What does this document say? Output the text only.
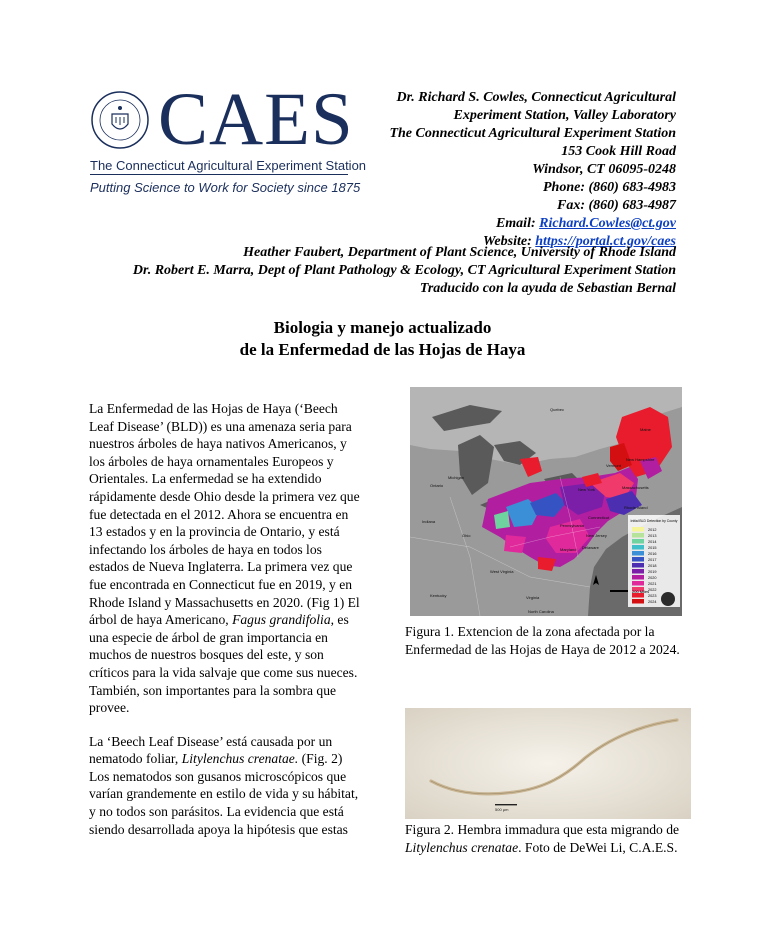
CAES
The Connecticut Agricultural Experiment Station
Putting Science to Work for Society since 1875
Dr. Richard S. Cowles, Connecticut Agricultural
Experiment Station, Valley Laboratory
The Connecticut Agricultural Experiment Station
153 Cook Hill Road
Windsor, CT 06095-0248
Phone: (860) 683-4983
Fax: (860) 683-4987
Email: Richard.Cowles@ct.gov
Website: https://portal.ct.gov/caes
Heather Faubert, Department of Plant Science, University of Rhode Island
Dr. Robert E. Marra, Dept of Plant Pathology & Ecology, CT Agricultural Experiment Station
Traducido con la ayuda de Sebastian Bernal
Biologia y manejo actualizado
de la Enfermedad de las Hojas de Haya

La Enfermedad de las Hojas de Haya (‘Beech Leaf Disease’ (BLD)) es una amenaza seria para nuestros árboles de haya nativos Americanos, y los árboles de haya ornamentales Europeos y Orientales. La enfermedad se ha extendido rápidamente desde Ohio desde la primera vez que fue detectada en el 2012. Ahora se encuentra en 13 estados y en la provincia de Ontario, y está infectando los árboles de haya en todos los estados de Nueva Inglaterra. La primera vez que fue encontrada en Connecticut fue en 2019, y en Rhode Island y Massachusetts en 2020. (Fig 1) El árbol de haya Americano, Fagus grandifolia, es una especie de árbol de gran importancia en muchos de nuestros bosques del este, y son críticos para la vida salvaje que come sus nueces. También, son importantes para la sombra que provee.

La ‘Beech Leaf Disease’ está causada por un nematodo foliar, Litylenchus crenatae. (Fig. 2) Los nematodos son gusanos microscópicos que varían grandemente en estilo de vida y su hábitat, y no todos son parásitos. La evidencia que está siendo desarrollada apoya la hipótesis que estas

Initial BLD Detection by County
2012
2013
2014
2015
2016
2017
2018
2019
2020
2021
2022
2023
2024
200 Miles
Quebec
Ontario
Michigan
Ohio
Kentucky	Virginia
North Carolina
Pennsylvania
New York
Maine
Vermont
New Hampshire
Massachusetts
Connecticut
Rhode Island
New Jersey
Maryland Delaware
Indiana
West Virginia
Figura 1. Extencion de la zona afectada por la Enfermedad de las Hojas de Haya de 2012 a 2024.
500 µm
Figura 2. Hembra immadura que esta migrando de Litylenchus crenatae. Foto de DeWei Li, C.A.E.S.
